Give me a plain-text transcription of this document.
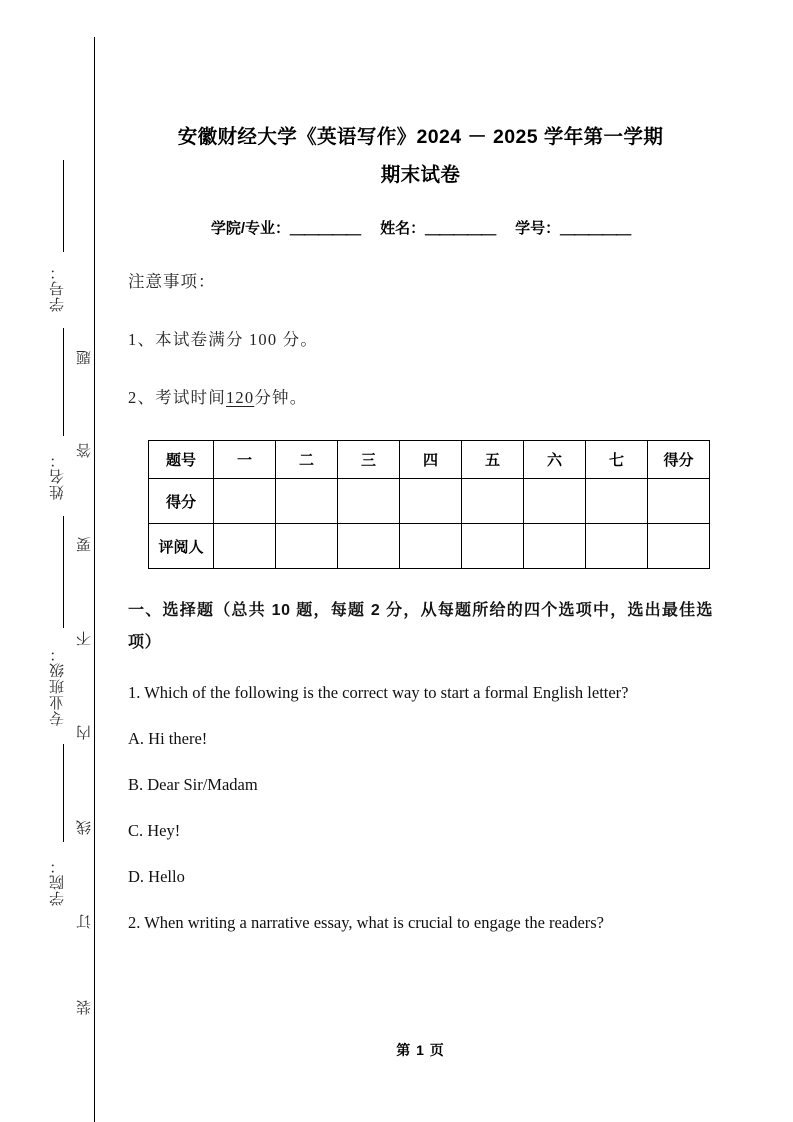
学号：
姓名：
专业班级：
学院：
题
答
要
不
内
线
订
装
安徽财经大学《英语写作》2024 － 2025 学年第一学期
期末试卷

学院/专业：＿＿＿＿＿ 姓名：＿＿＿＿＿ 学号：＿＿＿＿＿

注意事项：

1、本试卷满分 100 分。

2、考试时间120分钟。

题号	一	二	三	四	五	六	七	得分
得分								
评阅人								

一、选择题（总共 10 题，每题 2 分，从每题所给的四个选项中，选出最佳选项）

1. Which of the following is the correct way to start a formal English letter?

A. Hi there!

B. Dear Sir/Madam

C. Hey!

D. Hello

2. When writing a narrative essay, what is crucial to engage the readers?

第 1 页
